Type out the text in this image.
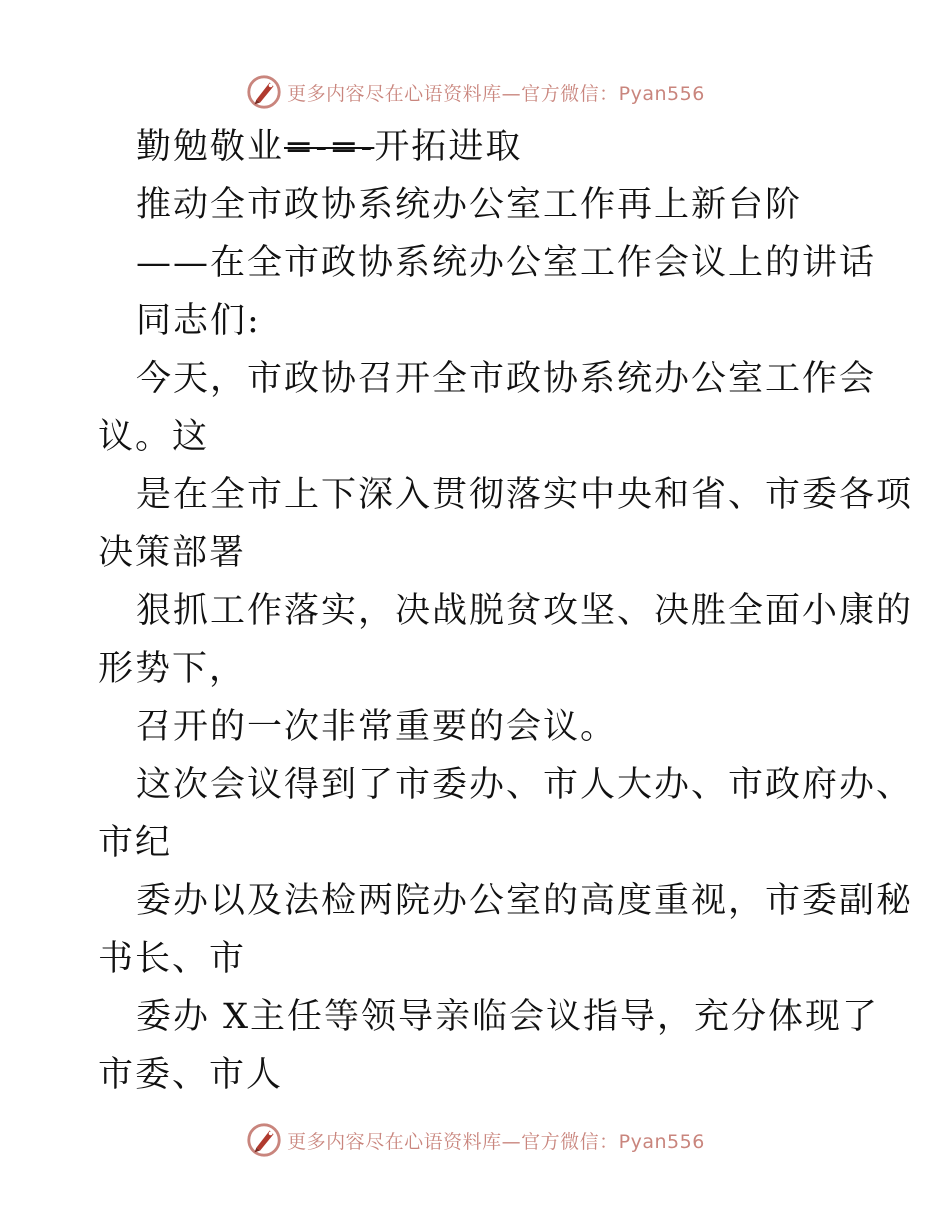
更多内容尽在心语资料库—官方微信：Pyan556
勤勉敬业=-=-开拓进取
推动全市政协系统办公室工作再上新台阶
——在全市政协系统办公室工作会议上的讲话
同志们:
今天，市政协召开全市政协系统办公室工作会
议。这
是在全市上下深入贯彻落实中央和省、市委各项
决策部署
狠抓工作落实，决战脱贫攻坚、决胜全面小康的
形势下，
召开的一次非常重要的会议。
这次会议得到了市委办、市人大办、市政府办、
市纪
委办以及法检两院办公室的高度重视，市委副秘
书长、市
委办 X主任等领导亲临会议指导，充分体现了
市委、市人
更多内容尽在心语资料库—官方微信：Pyan556
